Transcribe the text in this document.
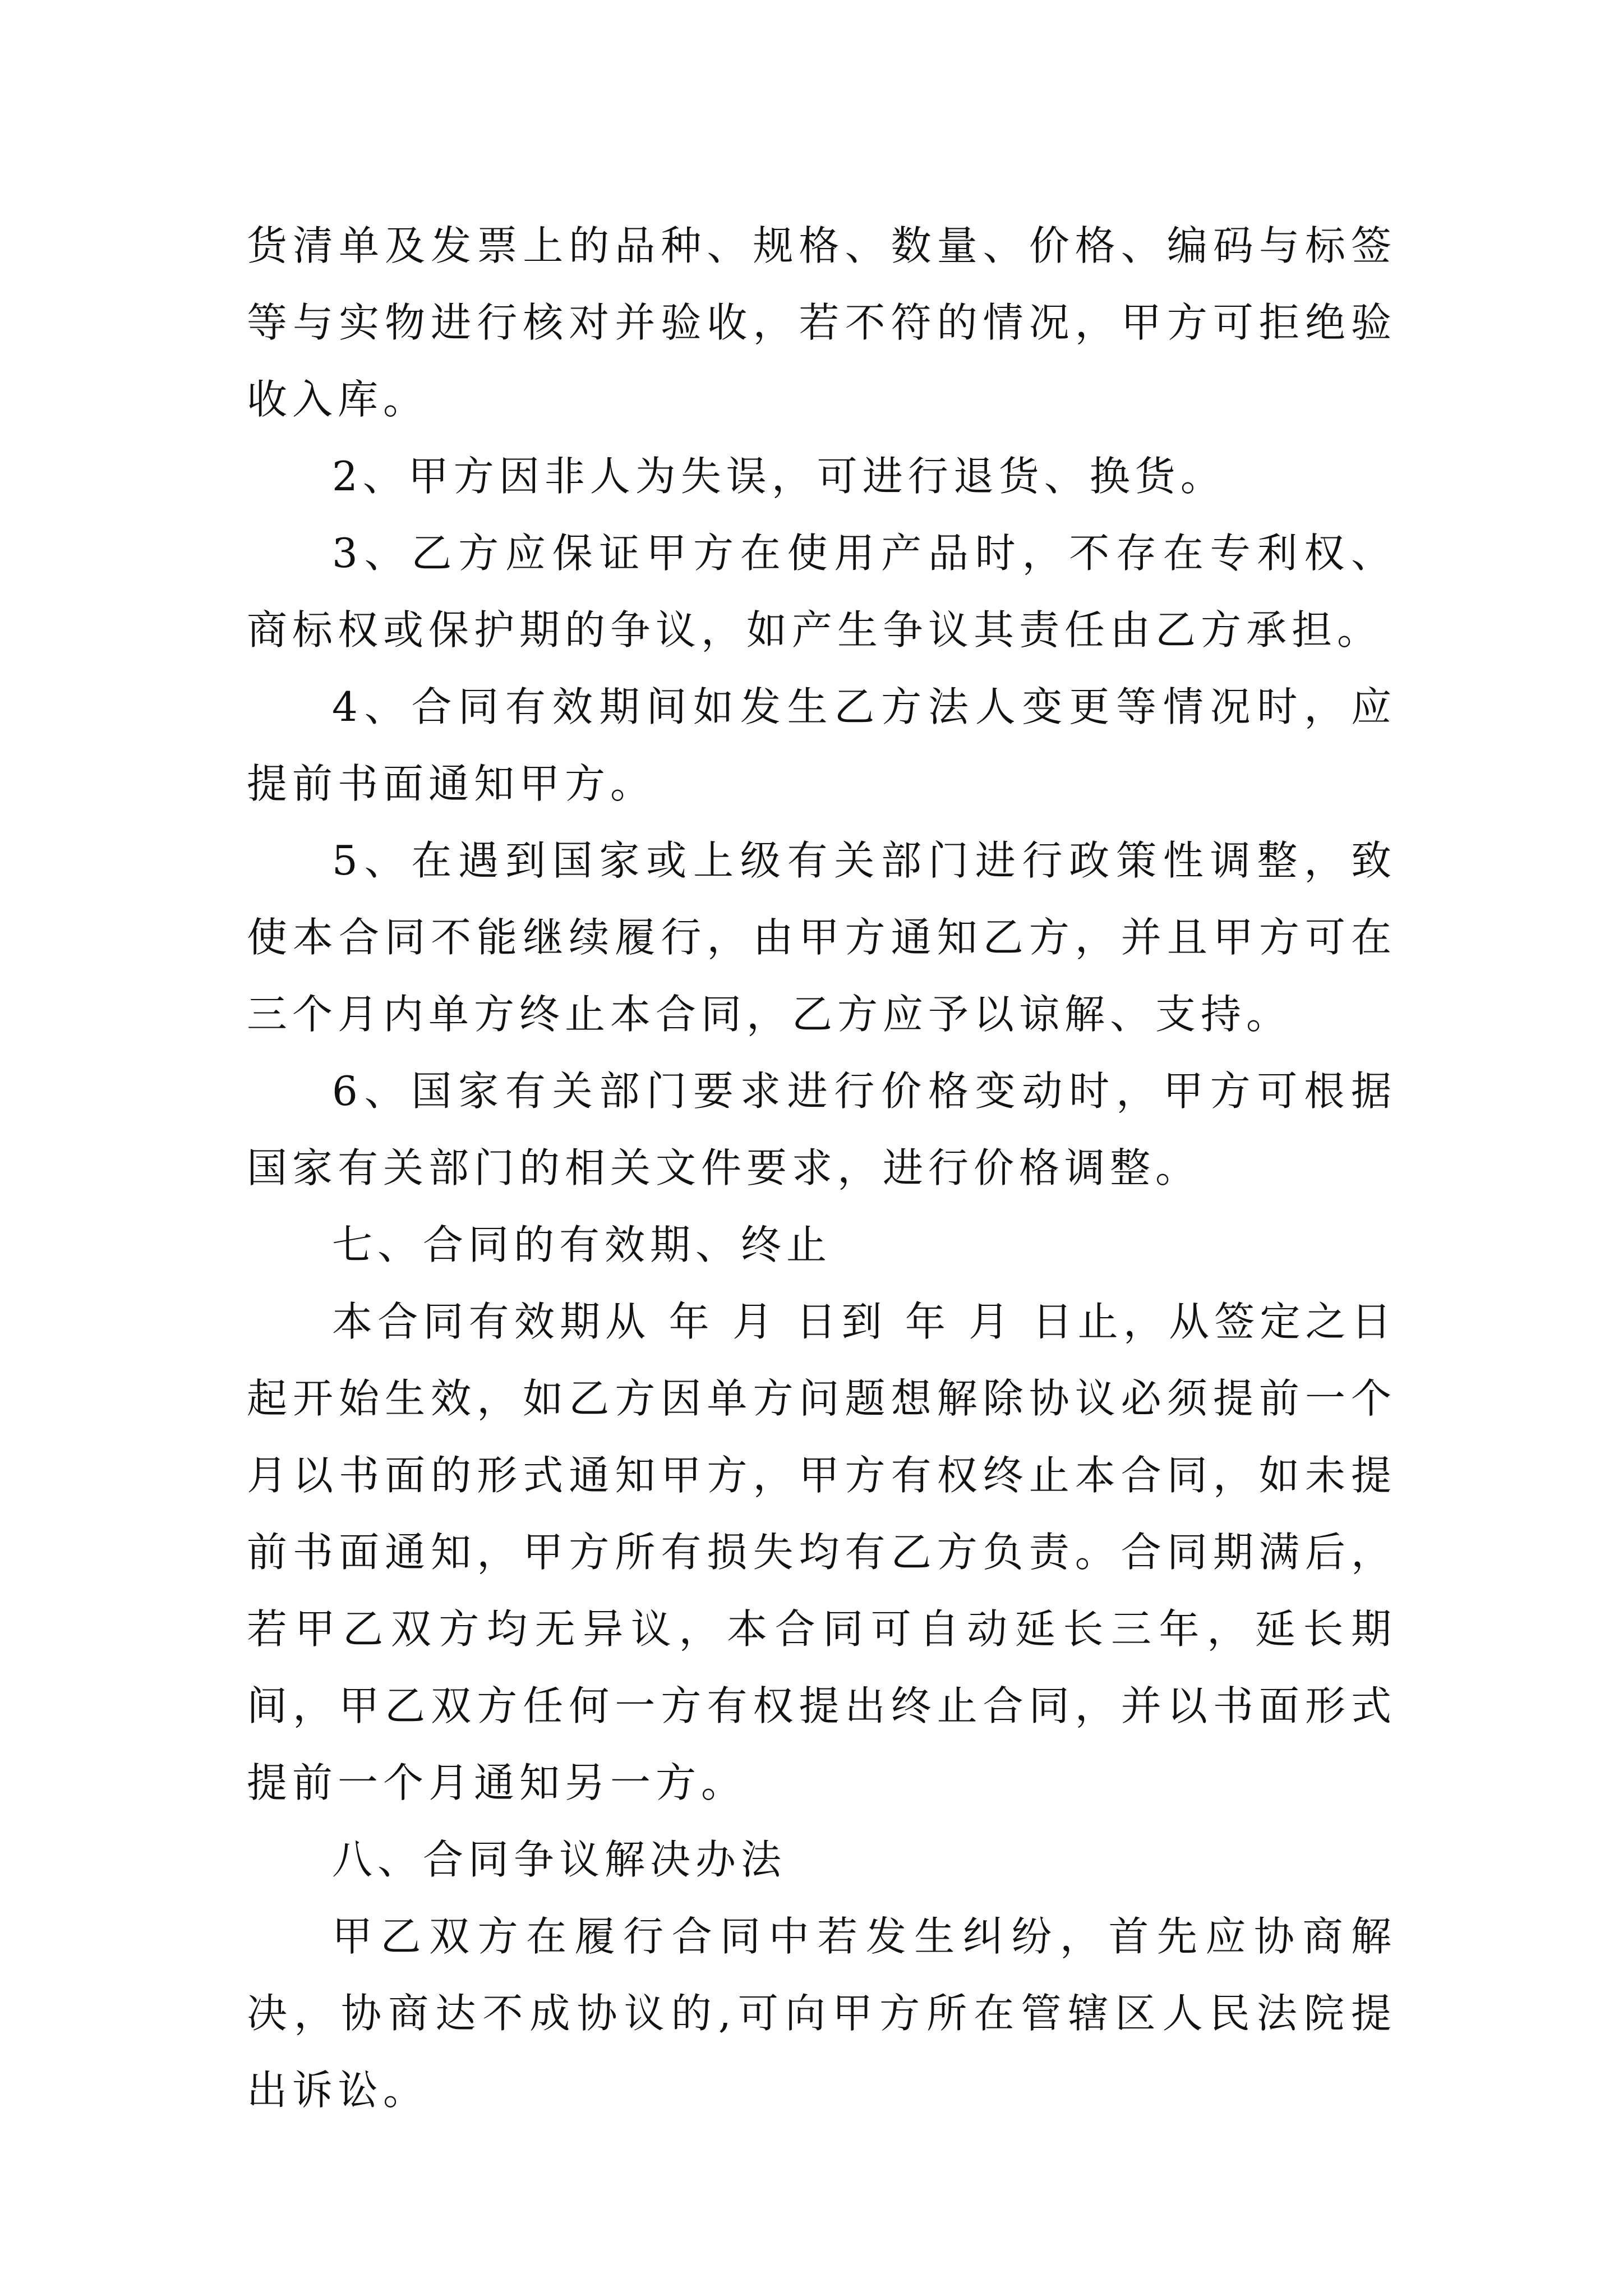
货清单及发票上的品种、规格、数量、价格、编码与标签等与实物进行核对并验收，若不符的情况，甲方可拒绝验收入库。

2、甲方因非人为失误，可进行退货、换货。

3、乙方应保证甲方在使用产品时，不存在专利权、商标权或保护期的争议，如产生争议其责任由乙方承担。

4、合同有效期间如发生乙方法人变更等情况时，应提前书面通知甲方。

5、在遇到国家或上级有关部门进行政策性调整，致使本合同不能继续履行，由甲方通知乙方，并且甲方可在三个月内单方终止本合同，乙方应予以谅解、支持。

6、国家有关部门要求进行价格变动时，甲方可根据国家有关部门的相关文件要求，进行价格调整。

七、合同的有效期、终止

本合同有效期从 年 月 日到 年 月 日止，从签定之日起开始生效，如乙方因单方问题想解除协议必须提前一个月以书面的形式通知甲方，甲方有权终止本合同，如未提前书面通知，甲方所有损失均有乙方负责。合同期满后，若甲乙双方均无异议，本合同可自动延长三年，延长期间，甲乙双方任何一方有权提出终止合同，并以书面形式提前一个月通知另一方。

八、合同争议解决办法

甲乙双方在履行合同中若发生纠纷，首先应协商解决，协商达不成协议的,可向甲方所在管辖区人民法院提出诉讼。
